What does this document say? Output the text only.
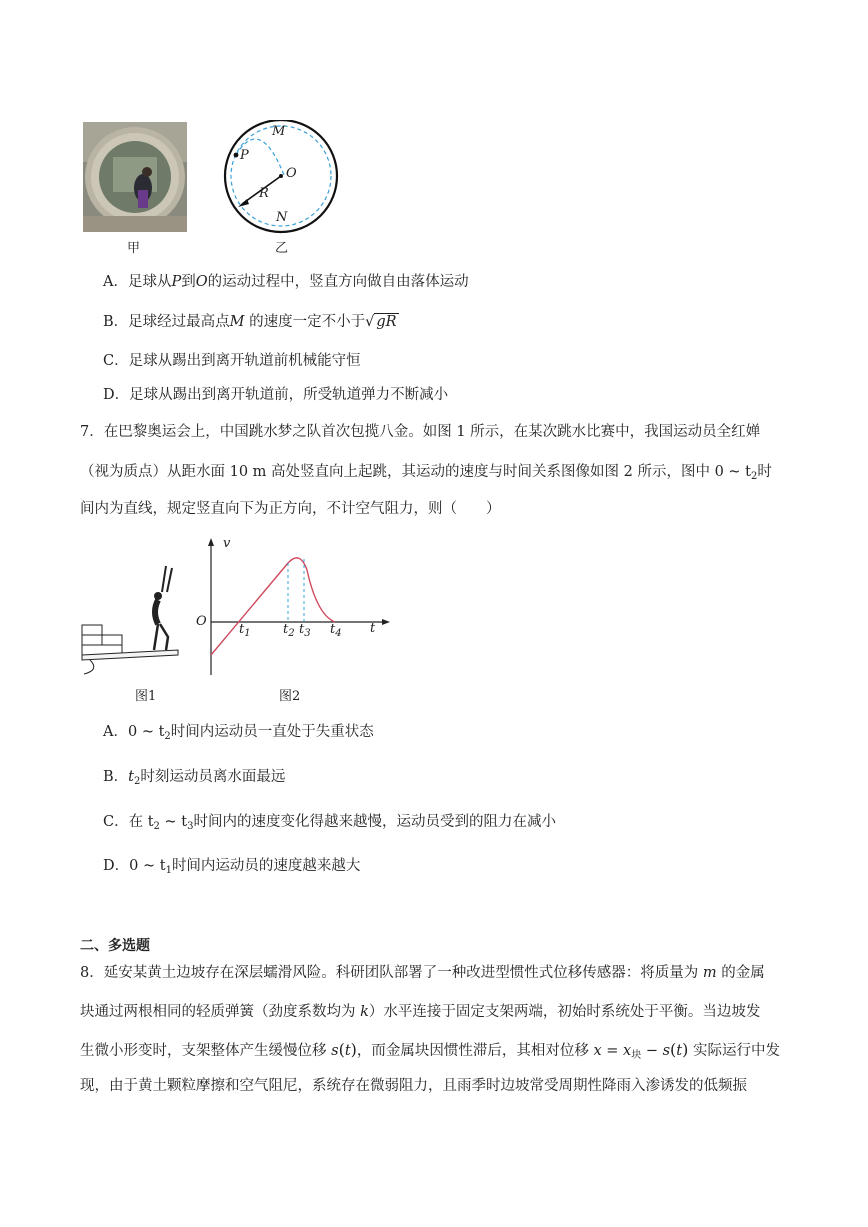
甲
M
P
O
R
N
乙
A．足球从P到O的运动过程中，竖直方向做自由落体运动
B．足球经过最高点M 的速度一定不小于√ gR
C．足球从踢出到离开轨道前机械能守恒
D．足球从踢出到离开轨道前，所受轨道弹力不断减小
7．在巴黎奥运会上，中国跳水梦之队首次包揽八金。如图 1 所示，在某次跳水比赛中，我国运动员全红婵
（视为质点）从距水面 10 m 高处竖直向上起跳，其运动的速度与时间关系图像如图 2 所示，图中 0 ~ $t_2$时
间内为直线，规定竖直向下为正方向，不计空气阻力，则（　　）
图1
v
O	t
$t_1$ $t_2$ $t_3$ $t_4$
图2
A．0 ~ $t_2$时间内运动员一直处于失重状态
B．$t_2$时刻运动员离水面最远
C．在 $t_2$ ~ $t_3$时间内的速度变化得越来越慢，运动员受到的阻力在减小
D．0 ~ $t_1$时间内运动员的速度越来越大
二、多选题
8．延安某黄土边坡存在深层蠕滑风险。科研团队部署了一种改进型惯性式位移传感器：将质量为 m 的金属
块通过两根相同的轻质弹簧（劲度系数均为 k）水平连接于固定支架两端，初始时系统处于平衡。当边坡发
生微小形变时，支架整体产生缓慢位移 s(t)，而金属块因惯性滞后，其相对位移 $x = x_块 - s(t)$ 实际运行中发
现，由于黄土颗粒摩擦和空气阻尼，系统存在微弱阻力，且雨季时边坡常受周期性降雨入渗诱发的低频振
